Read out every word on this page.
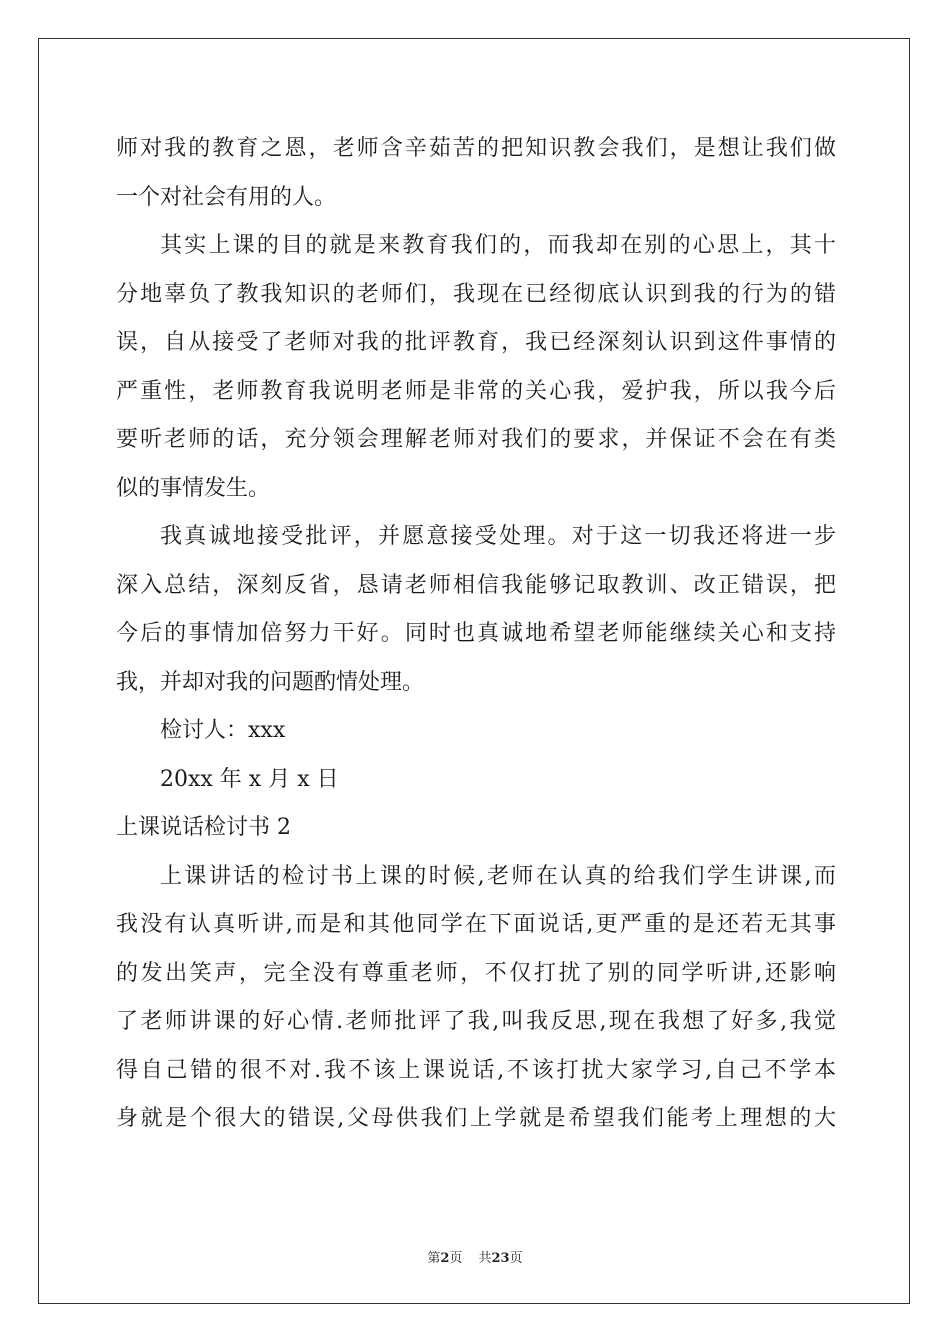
师对我的教育之恩，老师含辛茹苦的把知识教会我们，是想让我们做
一个对社会有用的人。
其实上课的目的就是来教育我们的，而我却在别的心思上，其十
分地辜负了教我知识的老师们，我现在已经彻底认识到我的行为的错
误，自从接受了老师对我的批评教育，我已经深刻认识到这件事情的
严重性，老师教育我说明老师是非常的关心我，爱护我，所以我今后
要听老师的话，充分领会理解老师对我们的要求，并保证不会在有类
似的事情发生。
我真诚地接受批评，并愿意接受处理。对于这一切我还将进一步
深入总结，深刻反省，恳请老师相信我能够记取教训、改正错误，把
今后的事情加倍努力干好。同时也真诚地希望老师能继续关心和支持
我，并却对我的问题酌情处理。
检讨人：xxx
20xx 年 x 月 x 日
上课说话检讨书 2
上课讲话的检讨书上课的时候,老师在认真的给我们学生讲课,而
我没有认真听讲,而是和其他同学在下面说话,更严重的是还若无其事
的发出笑声，完全没有尊重老师，不仅打扰了别的同学听讲,还影响
了老师讲课的好心情.老师批评了我,叫我反思,现在我想了好多,我觉
得自己错的很不对.我不该上课说话,不该打扰大家学习,自己不学本
身就是个很大的错误,父母供我们上学就是希望我们能考上理想的大
第2页 共23页
